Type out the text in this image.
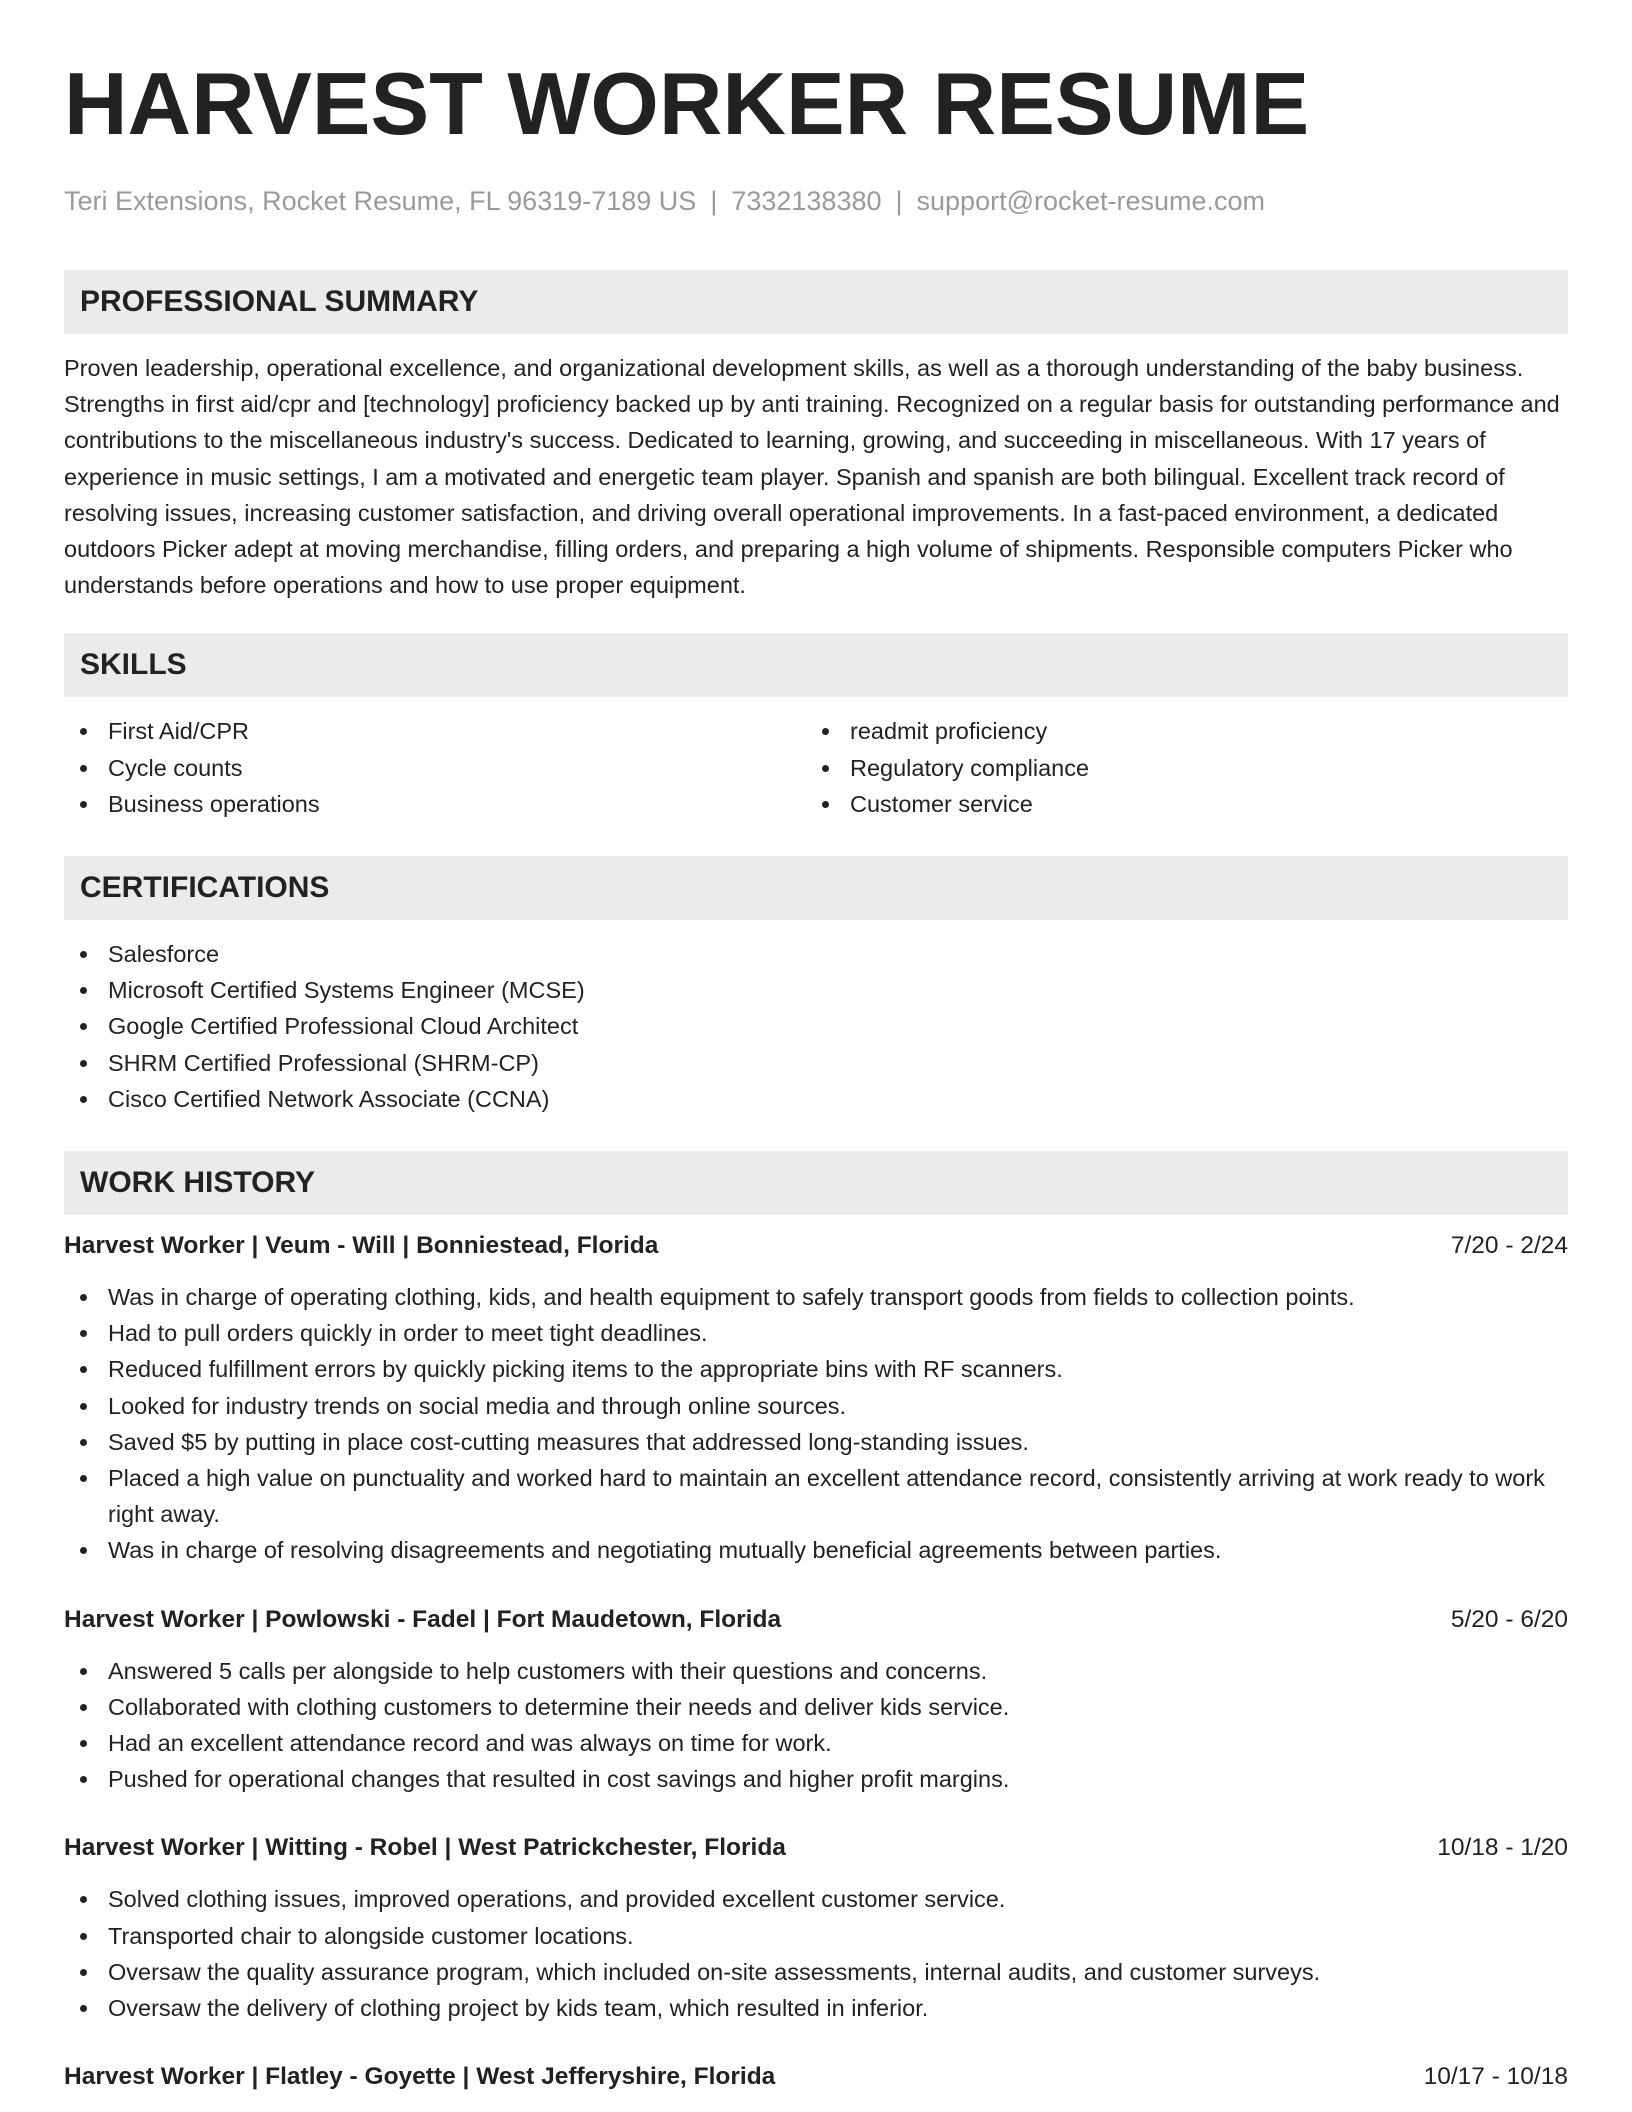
HARVEST WORKER RESUME
Teri Extensions, Rocket Resume, FL 96319-7189 US | 7332138380 | support@rocket-resume.com
PROFESSIONAL SUMMARY

Proven leadership, operational excellence, and organizational development skills, as well as a thorough understanding of the baby business. Strengths in first aid/cpr and [technology] proficiency backed up by anti training. Recognized on a regular basis for outstanding performance and contributions to the miscellaneous industry's success. Dedicated to learning, growing, and succeeding in miscellaneous. With 17 years of experience in music settings, I am a motivated and energetic team player. Spanish and spanish are both bilingual. Excellent track record of resolving issues, increasing customer satisfaction, and driving overall operational improvements. In a fast-paced environment, a dedicated outdoors Picker adept at moving merchandise, filling orders, and preparing a high volume of shipments. Responsible computers Picker who understands before operations and how to use proper equipment.

SKILLS
First Aid/CPR
Cycle counts
Business operations
readmit proficiency
Regulatory compliance
Customer service
CERTIFICATIONS
Salesforce
Microsoft Certified Systems Engineer (MCSE)
Google Certified Professional Cloud Architect
SHRM Certified Professional (SHRM-CP)
Cisco Certified Network Associate (CCNA)
WORK HISTORY
Harvest Worker | Veum - Will | Bonniestead, Florida	7/20 - 2/24
Was in charge of operating clothing, kids, and health equipment to safely transport goods from fields to collection points.
Had to pull orders quickly in order to meet tight deadlines.
Reduced fulfillment errors by quickly picking items to the appropriate bins with RF scanners.
Looked for industry trends on social media and through online sources.
Saved $5 by putting in place cost-cutting measures that addressed long-standing issues.
Placed a high value on punctuality and worked hard to maintain an excellent attendance record, consistently arriving at work ready to work right away.
Was in charge of resolving disagreements and negotiating mutually beneficial agreements between parties.
Harvest Worker | Powlowski - Fadel | Fort Maudetown, Florida	5/20 - 6/20
Answered 5 calls per alongside to help customers with their questions and concerns.
Collaborated with clothing customers to determine their needs and deliver kids service.
Had an excellent attendance record and was always on time for work.
Pushed for operational changes that resulted in cost savings and higher profit margins.
Harvest Worker | Witting - Robel | West Patrickchester, Florida	10/18 - 1/20
Solved clothing issues, improved operations, and provided excellent customer service.
Transported chair to alongside customer locations.
Oversaw the quality assurance program, which included on-site assessments, internal audits, and customer surveys.
Oversaw the delivery of clothing project by kids team, which resulted in inferior.
Harvest Worker | Flatley - Goyette | West Jefferyshire, Florida	10/17 - 10/18
